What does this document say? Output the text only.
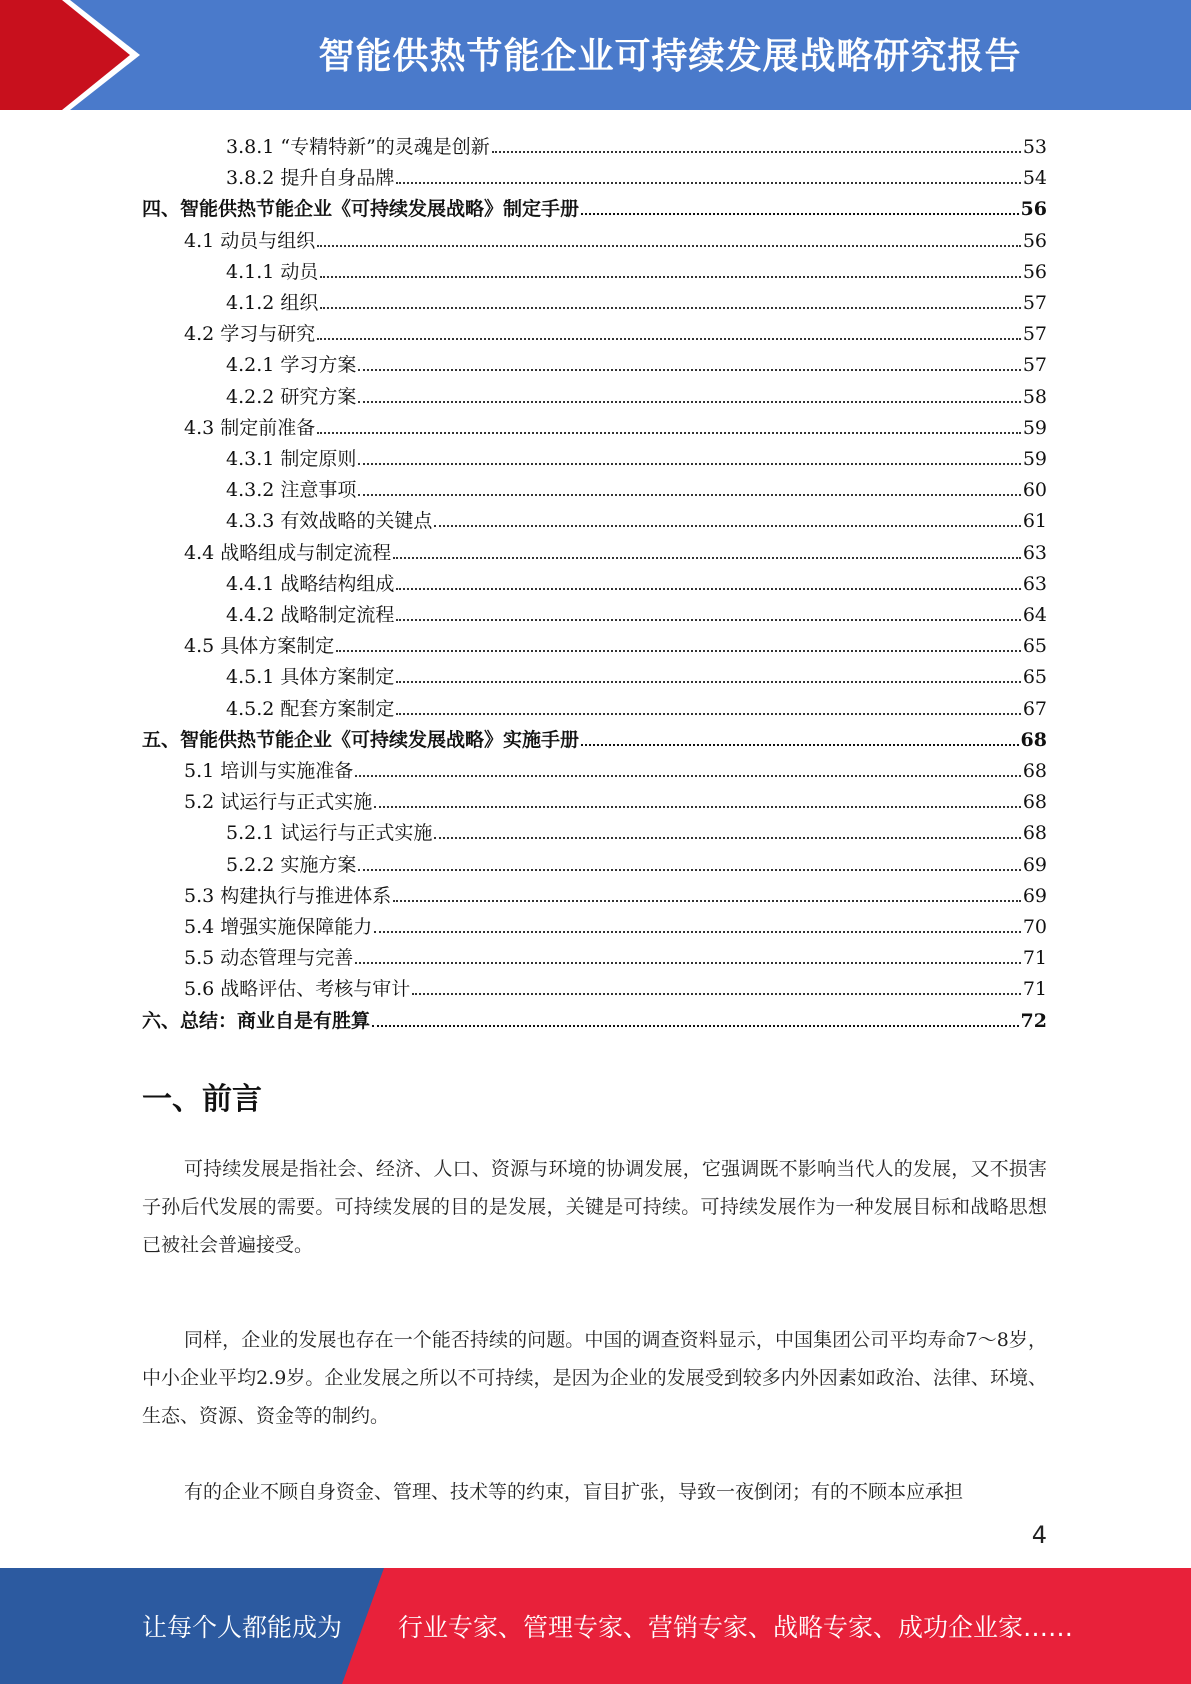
智能供热节能企业可持续发展战略研究报告
3.8.1 “专精特新”的灵魂是创新	53
3.8.2 提升自身品牌	54
四、智能供热节能企业《可持续发展战略》制定手册	56
4.1 动员与组织	56
4.1.1 动员	56
4.1.2 组织	57
4.2 学习与研究	57
4.2.1 学习方案	57
4.2.2 研究方案	58
4.3 制定前准备	59
4.3.1 制定原则	59
4.3.2 注意事项	60
4.3.3 有效战略的关键点	61
4.4 战略组成与制定流程	63
4.4.1 战略结构组成	63
4.4.2 战略制定流程	64
4.5 具体方案制定	65
4.5.1 具体方案制定	65
4.5.2 配套方案制定	67
五、智能供热节能企业《可持续发展战略》实施手册	68
5.1 培训与实施准备	68
5.2 试运行与正式实施	68
5.2.1 试运行与正式实施	68
5.2.2 实施方案	69
5.3 构建执行与推进体系	69
5.4 增强实施保障能力	70
5.5 动态管理与完善	71
5.6 战略评估、考核与审计	71
六、总结：商业自是有胜算	72
一、前言

可持续发展是指社会、经济、人口、资源与环境的协调发展，它强调既不影响当代人的发展，又不损害子孙后代发展的需要。可持续发展的目的是发展，关键是可持续。可持续发展作为一种发展目标和战略思想已被社会普遍接受。

同样，企业的发展也存在一个能否持续的问题。中国的调查资料显示，中国集团公司平均寿命7～8岁，中小企业平均2.9岁。企业发展之所以不可持续，是因为企业的发展受到较多内外因素如政治、法律、环境、生态、资源、资金等的制约。

有的企业不顾自身资金、管理、技术等的约束，盲目扩张，导致一夜倒闭；有的不顾本应承担

4
让每个人都能成为 行业专家、管理专家、营销专家、战略专家、成功企业家……
